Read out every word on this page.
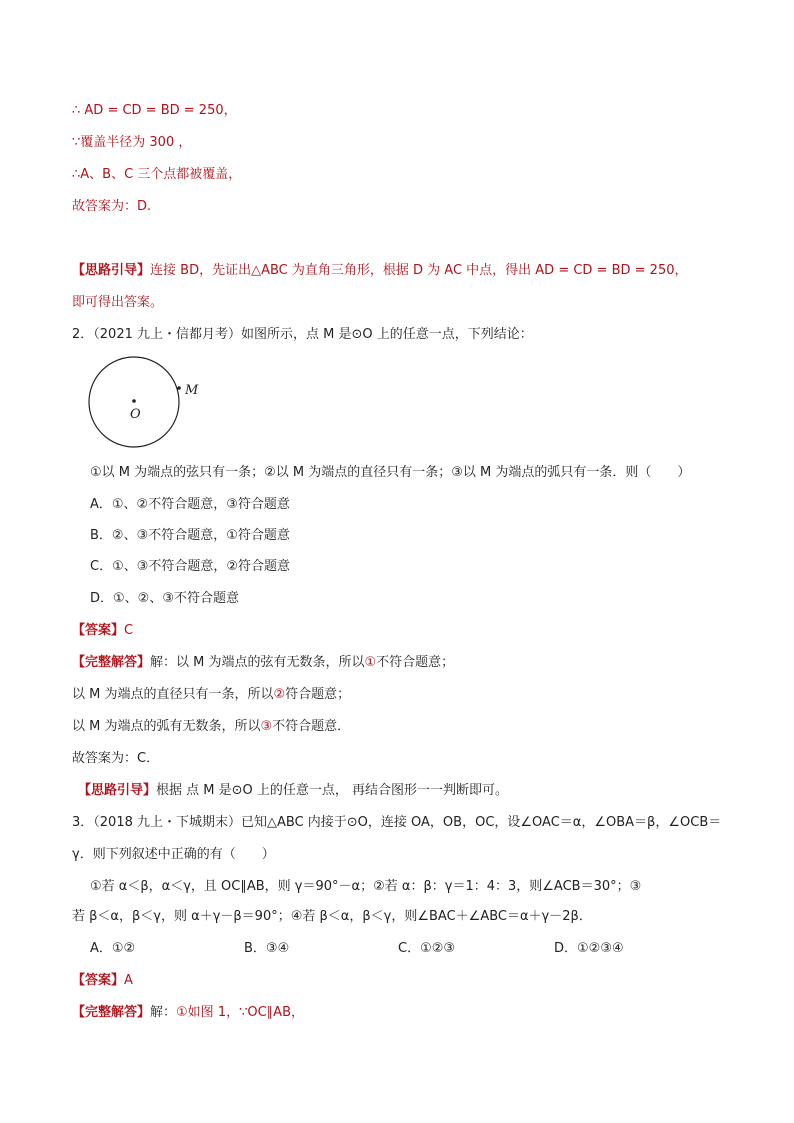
∴ AD = CD = BD = 250，
∵覆盖半径为 300 ，
∴A、B、C 三个点都被覆盖，
故答案为：D.
【思路引导】连接 BD，先证出△ABC 为直角三角形，根据 D 为 AC 中点，得出 AD = CD = BD = 250，
即可得出答案。
2．（2021 九上・信都月考）如图所示，点 M 是⊙O 上的任意一点，下列结论：
O
M
①以 M 为端点的弦只有一条；②以 M 为端点的直径只有一条；③以 M 为端点的弧只有一条．则（　　）
A．①、②不符合题意，③符合题意
B．②、③不符合题意，①符合题意
C．①、③不符合题意，②符合题意
D．①、②、③不符合题意
【答案】C
【完整解答】解：以 M 为端点的弦有无数条，所以①不符合题意；
以 M 为端点的直径只有一条，所以②符合题意；
以 M 为端点的弧有无数条，所以③不符合题意．
故答案为：C．
【思路引导】根据 点 M 是⊙O 上的任意一点， 再结合图形一一判断即可。
3．（2018 九上・下城期末）已知△ABC 内接于⊙O，连接 OA，OB，OC，设∠OAC＝α，∠OBA＝β，∠OCB＝
γ．则下列叙述中正确的有（　　）
①若 α＜β，α＜γ，且 OC∥AB，则 γ＝90°－α；②若 α：β：γ＝1：4：3，则∠ACB＝30°；③
若 β＜α，β＜γ，则 α＋γ－β＝90°；④若 β＜α，β＜γ，则∠BAC＋∠ABC＝α＋γ－2β．
A．①②	B．③④	C．①②③	D．①②③④
【答案】A
【完整解答】解：①如图 1，∵OC∥AB，
